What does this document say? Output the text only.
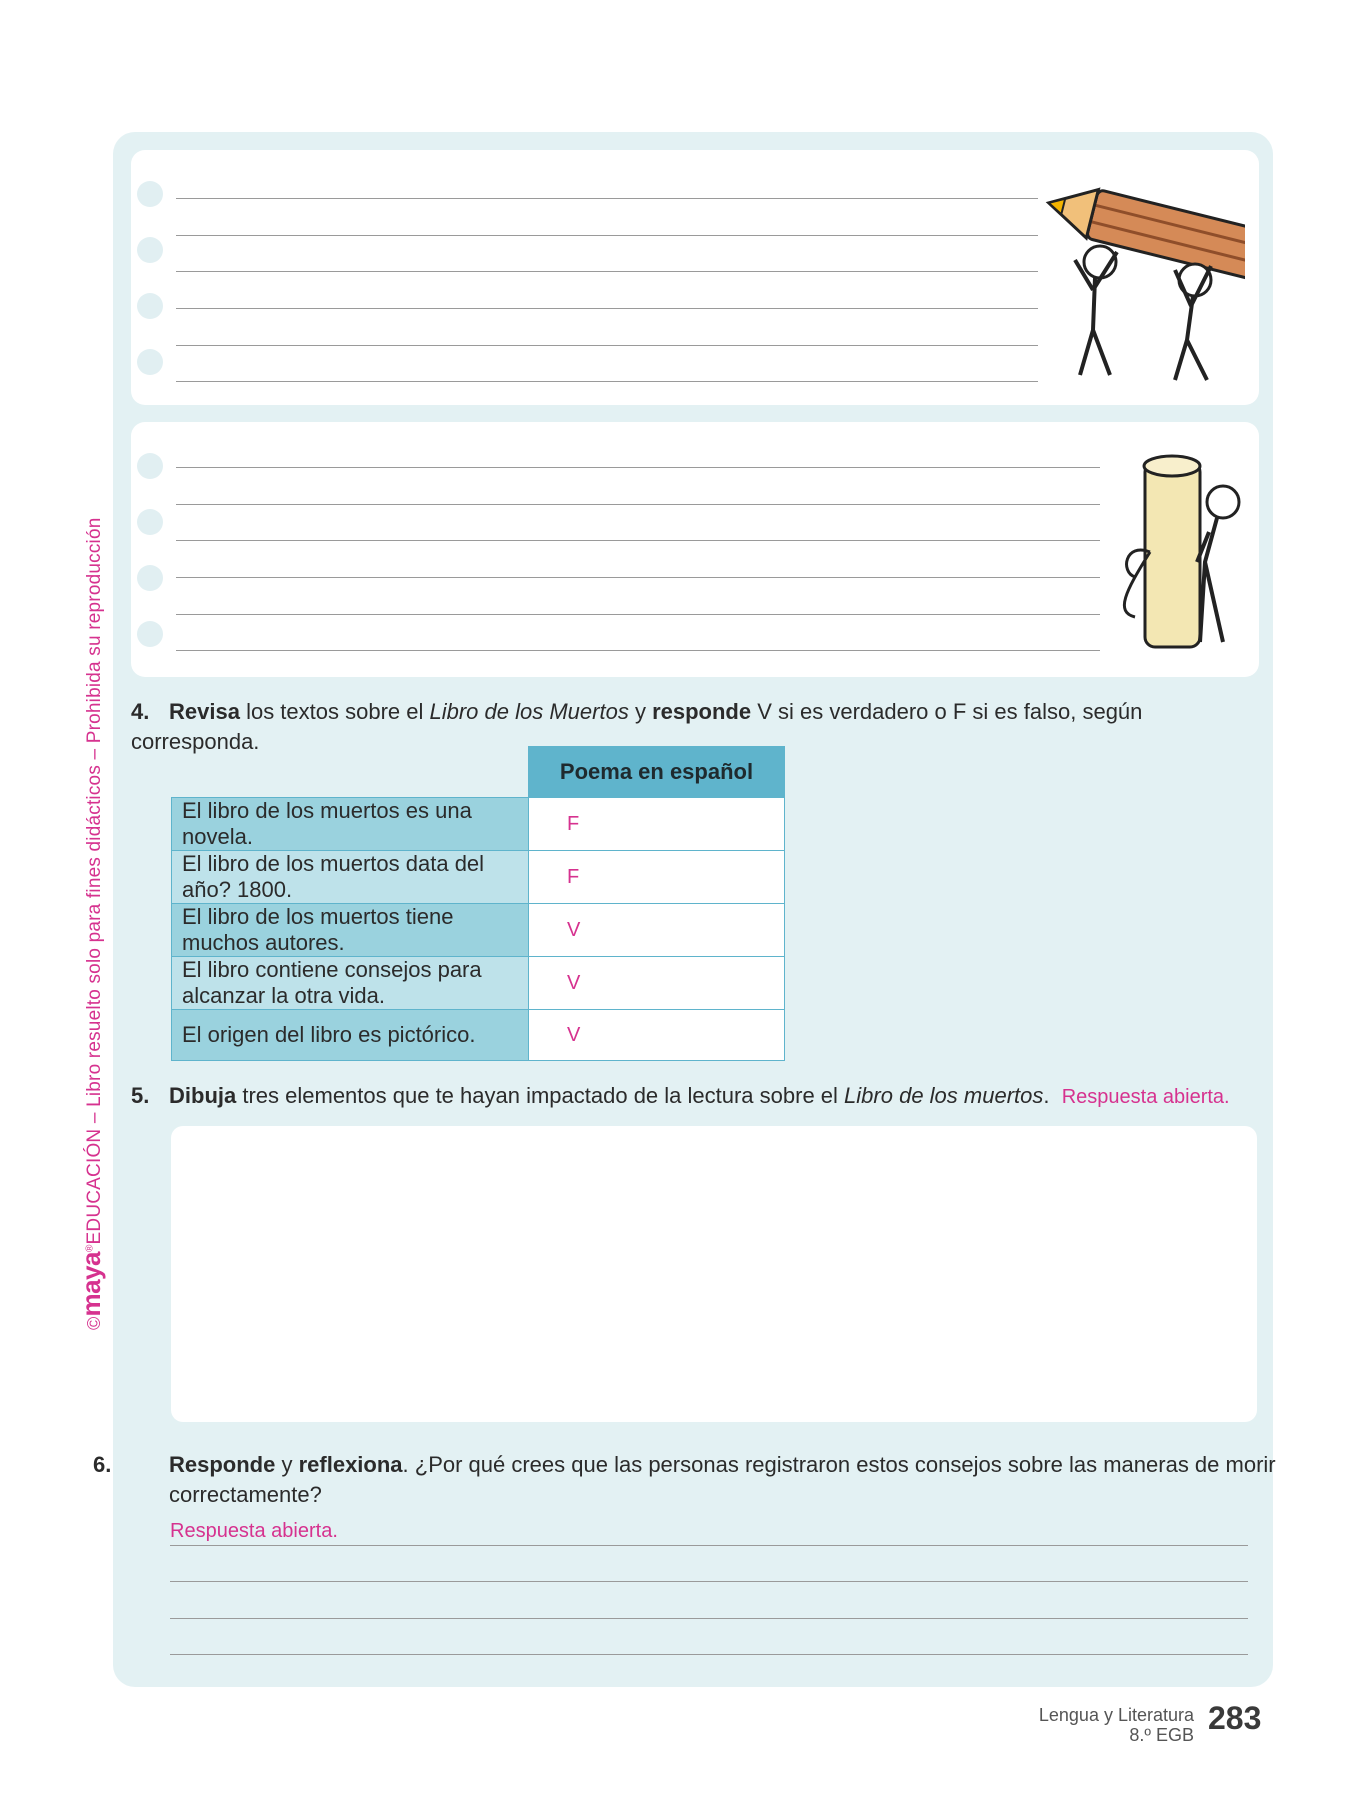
©maya®EDUCACIÓN – Libro resuelto solo para fines didácticos – Prohibida su reproducción 4. Revisa los textos sobre el Libro de los Muertos y responde V si es verdadero o F si es falso, según corresponda.
	Poema en español
El libro de los muertos es una novela.	F
El libro de los muertos data del año? 1800.	F
El libro de los muertos tiene muchos autores.	V
El libro contiene consejos para alcanzar la otra vida.	V
El origen del libro es pictórico.	V
5. Dibuja tres elementos que te hayan impactado de la lectura sobre el Libro de los muertos. Respuesta abierta.
6.	Responde y reflexiona. ¿Por qué crees que las personas registraron estos consejos sobre las maneras de morir correctamente?
Respuesta abierta.
Lengua y Literatura
8.º EGB 283
